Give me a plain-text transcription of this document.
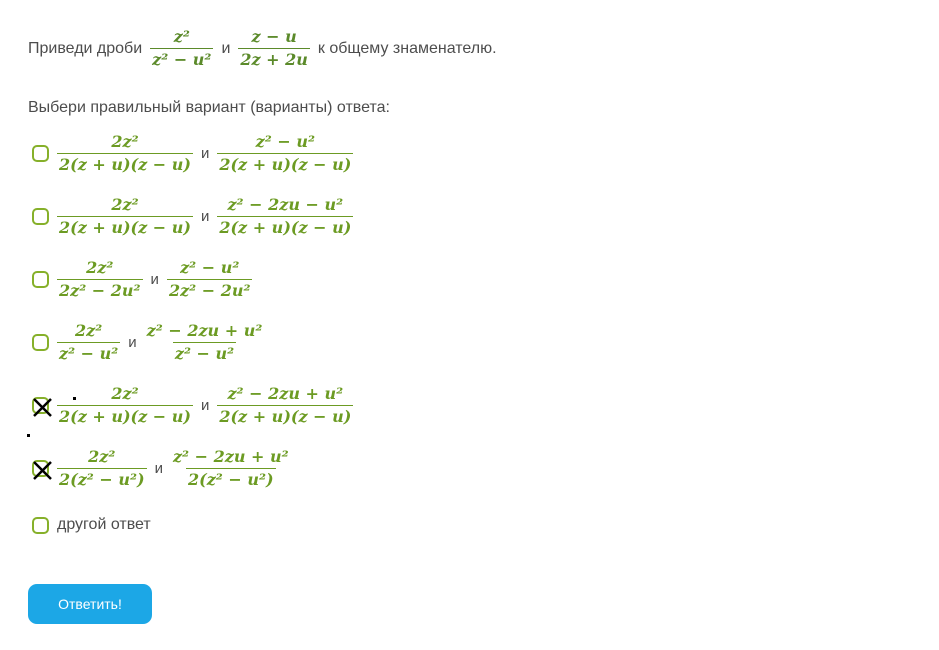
Приведи дроби $\frac{\text{z²}}{\text{z² − u²}}$ и $\frac{z - u}{2z + 2u}$ к общему знаменателю.
Выбери правильный вариант (варианты) ответа:
$\frac{\text{2z²}}{2(z + u)(z - u)}$ и $\frac{\text{z² − u²}}{2(z + u)(z - u)}$
$\frac{\text{2z²}}{2(z + u)(z - u)}$ и $\frac{\text{z² − 2zu − u²}}{2(z + u)(z - u)}$
$\frac{\text{2z²}}{\text{2z² − 2u²}}$ и $\frac{\text{z² − u²}}{\text{2z² − 2u²}}$
$\frac{\text{2z²}}{\text{z² − u²}}$ и $\frac{\text{z² − 2zu + u²}}{\text{z² − u²}}$
$\frac{\text{2z²}}{2(z + u)(z - u)}$ и $\frac{\text{z² − 2zu + u²}}{2(z + u)(z - u)}$
$\frac{\text{2z²}}{\text{2(z² − u²)}}$ и $\frac{\text{z² − 2zu + u²}}{\text{2(z² − u²)}}$
другой ответ
Ответить!
